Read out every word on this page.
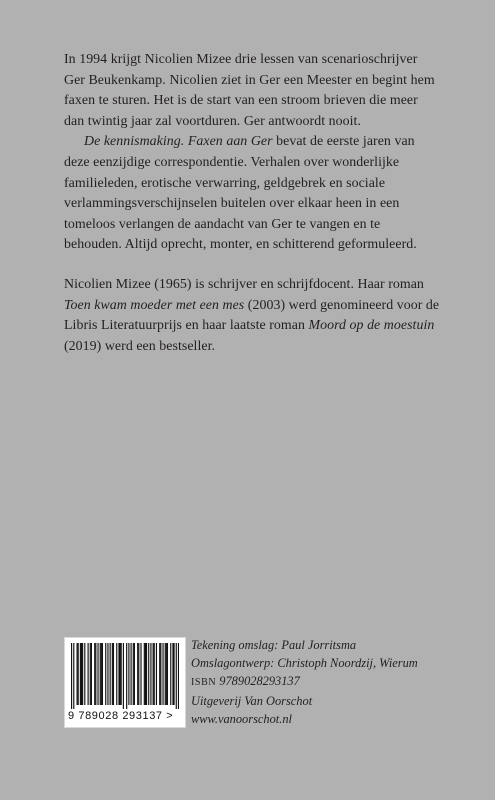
In 1994 krijgt Nicolien Mizee drie lessen van scenarioschrijver Ger Beukenkamp. Nicolien ziet in Ger een Meester en begint hem faxen te sturen. Het is de start van een stroom brieven die meer dan twintig jaar zal voortduren. Ger antwoordt nooit.

De kennismaking. Faxen aan Ger bevat de eerste jaren van deze eenzijdige correspondentie. Verhalen over wonderlijke familieleden, erotische verwarring, geldgebrek en sociale verlammingsverschijnselen buitelen over elkaar heen in een tomeloos verlangen de aandacht van Ger te vangen en te behouden. Altijd oprecht, monter, en schitterend geformuleerd.

Nicolien Mizee (1965) is schrijver en schrijfdocent. Haar roman Toen kwam moeder met een mes (2003) werd genomineerd voor de Libris Literatuurprijs en haar laatste roman Moord op de moestuin (2019) werd een bestseller.

9 789028 293137 >
Tekening omslag: Paul Jorritsma
Omslagontwerp: Christoph Noordzij, Wierum
ISBN 9789028293137
Uitgeverij Van Oorschot
www.vanoorschot.nl
